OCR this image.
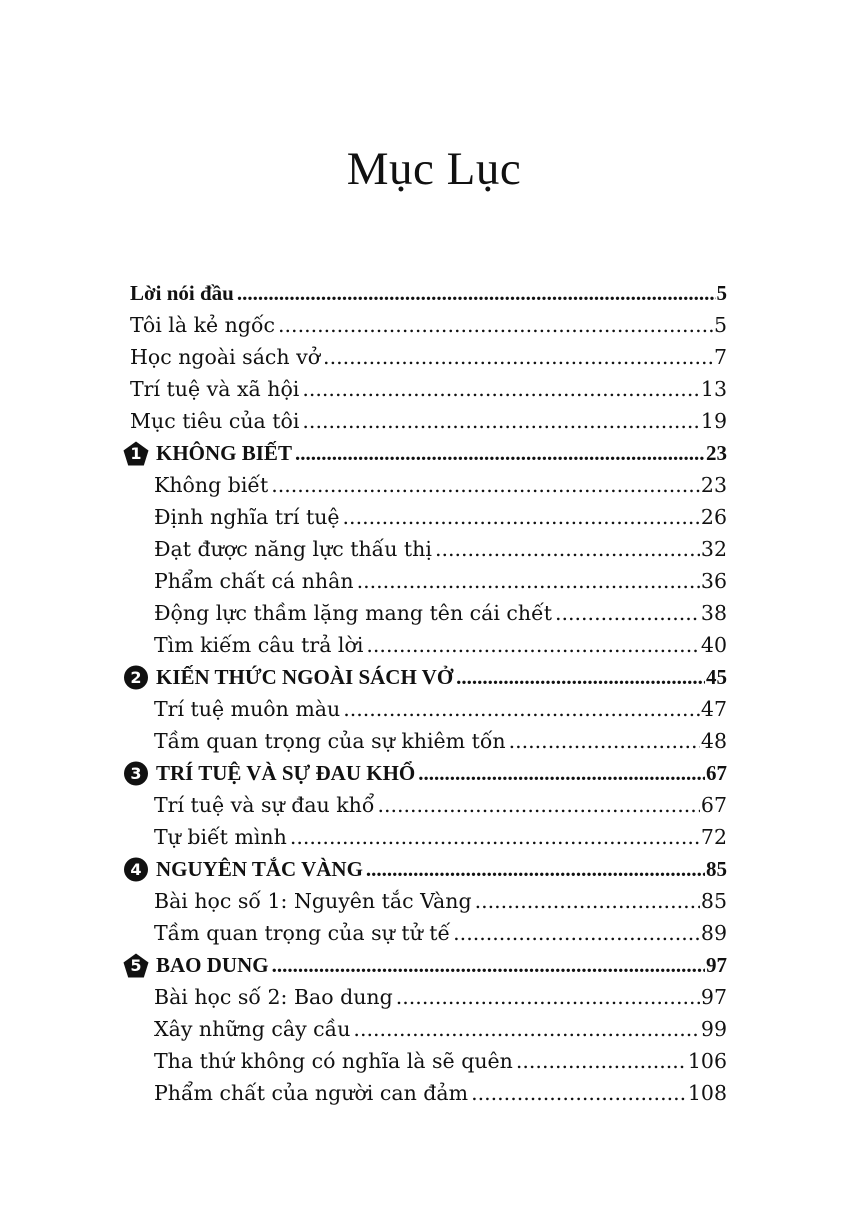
Mục Lục
Lời nói đầu .....	5
Tôi là kẻ ngốc .....	5
Học ngoài sách vở .....	7
Trí tuệ và xã hội .....	13
Mục tiêu của tôi .....	19
1 KHÔNG BIẾT .....	23
Không biết .....	23
Định nghĩa trí tuệ .....	26
Đạt được năng lực thấu thị .....	32
Phẩm chất cá nhân .....	36
Động lực thầm lặng mang tên cái chết .....	38
Tìm kiếm câu trả lời .....	40
2 KIẾN THỨC NGOÀI SÁCH VỞ .....	45
Trí tuệ muôn màu .....	47
Tầm quan trọng của sự khiêm tốn .....	48
3 TRÍ TUỆ VÀ SỰ ĐAU KHỔ .....	67
Trí tuệ và sự đau khổ .....	67
Tự biết mình .....	72
4 NGUYÊN TẮC VÀNG .....	85
Bài học số 1: Nguyên tắc Vàng .....	85
Tầm quan trọng của sự tử tế .....	89
5 BAO DUNG .....	97
Bài học số 2: Bao dung .....	97
Xây những cây cầu .....	99
Tha thứ không có nghĩa là sẽ quên .....	106
Phẩm chất của người can đảm .....	108
